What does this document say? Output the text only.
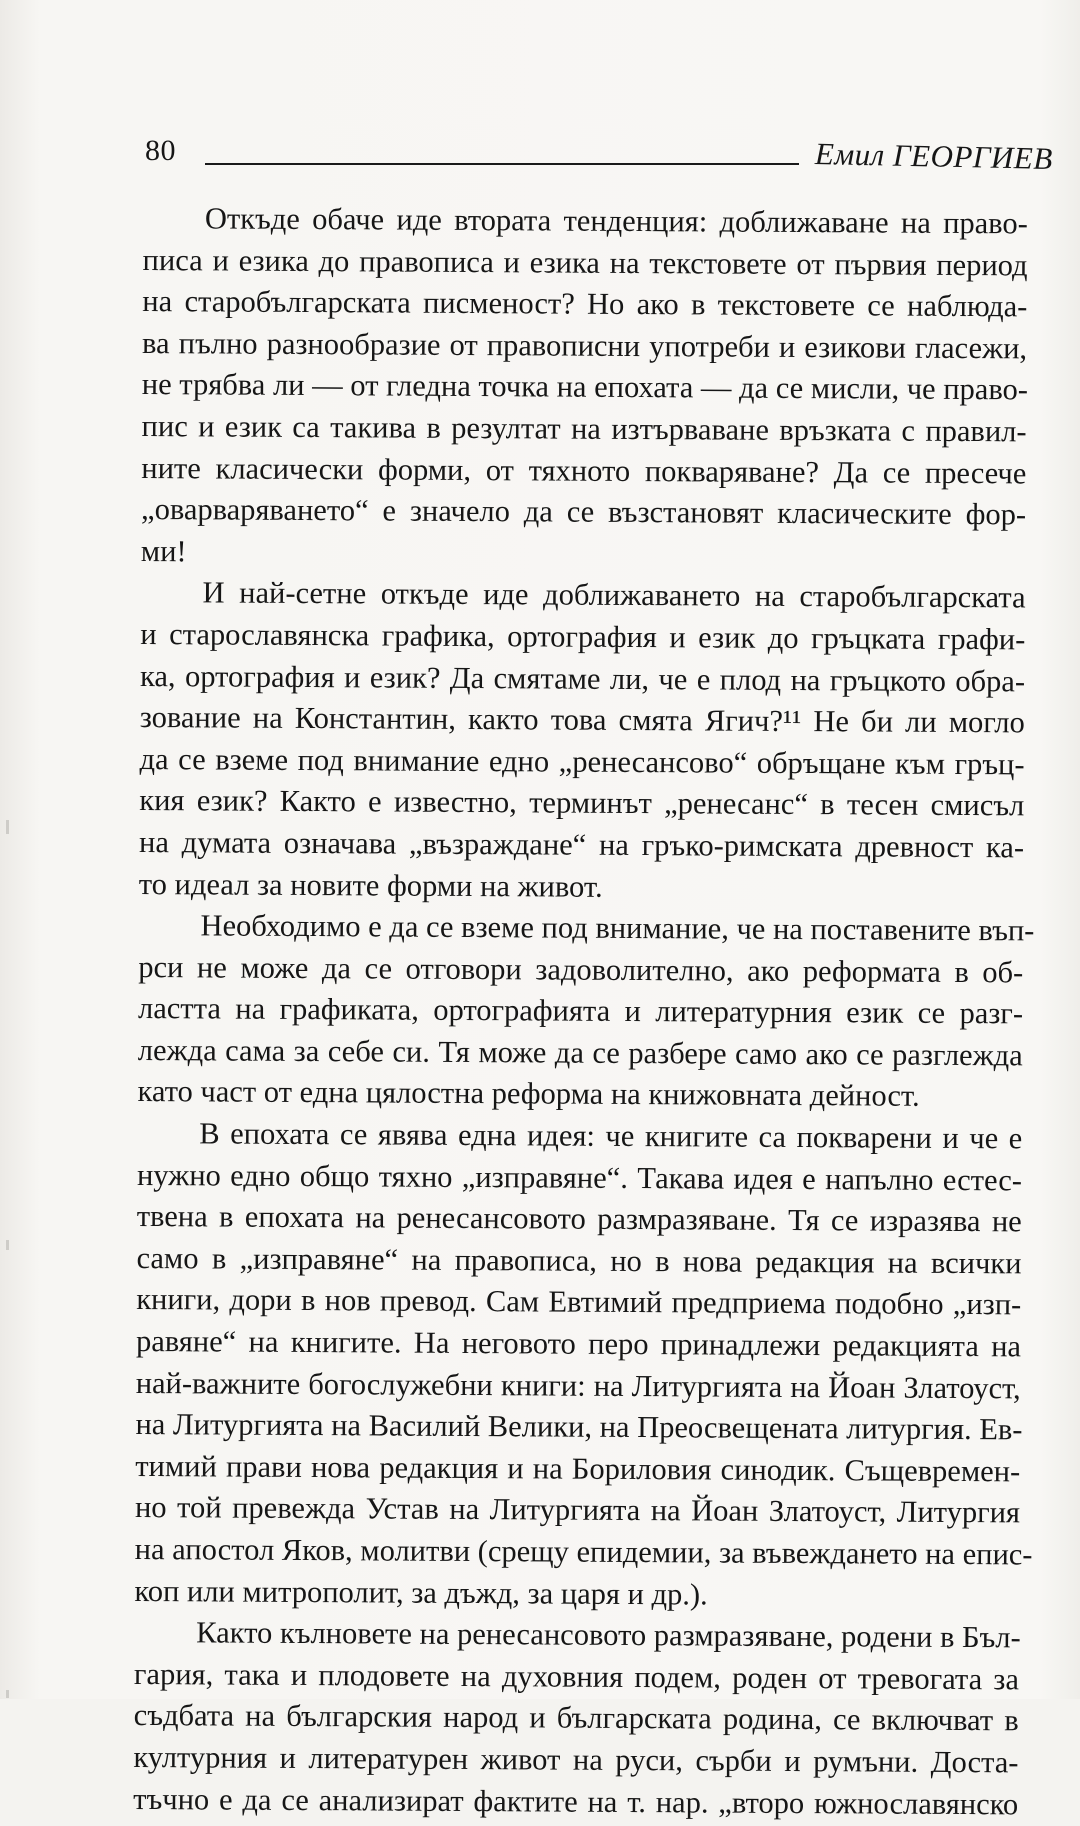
80	Емил ГЕОРГИЕВ
Откъде обаче иде втората тенденция: доближаване на право-
писа и езика до правописа и езика на текстовете от първия период
на старобългарската писменост? Но ако в текстовете се наблюда-
ва пълно разнообразие от правописни употреби и езикови гласежи,
не трябва ли — от гледна точка на епохата — да се мисли, че право-
пис и език са такива в резултат на изтърваване връзката с правил-
ните класически форми, от тяхното покваряване? Да се пресече
„оварваряването“ е значело да се възстановят класическите фор-
ми!
И най-сетне откъде иде доближаването на старобългарската
и старославянска графика, ортография и език до гръцката графи-
ка, ортография и език? Да смятаме ли, че е плод на гръцкото обра-
зование на Константин, както това смята Ягич?¹¹ Не би ли могло
да се вземе под внимание едно „ренесансово“ обръщане към гръц-
кия език? Както е известно, терминът „ренесанс“ в тесен смисъл
на думата означава „възраждане“ на гръко-римската древност ка-
то идеал за новите форми на живот.
Необходимо е да се вземе под внимание, че на поставените въп-
рси не може да се отговори задоволително, ако реформата в об-
ластта на графиката, ортографията и литературния език се разг-
лежда сама за себе си. Тя може да се разбере само ако се разглежда
като част от една цялостна реформа на книжовната дейност.
В епохата се явява една идея: че книгите са покварени и че е
нужно едно общо тяхно „изправяне“. Такава идея е напълно естес-
твена в епохата на ренесансовото размразяване. Тя се изразява не
само в „изправяне“ на правописа, но в нова редакция на всички
книги, дори в нов превод. Сам Евтимий предприема подобно „изп-
равяне“ на книгите. На неговото перо принадлежи редакцията на
най-важните богослужебни книги: на Литургията на Йоан Златоуст,
на Литургията на Василий Велики, на Преосвещената литургия. Ев-
тимий прави нова редакция и на Бориловия синодик. Същевремен-
но той превежда Устав на Литургията на Йоан Златоуст, Литургия
на апостол Яков, молитви (срещу епидемии, за въвеждането на епис-
коп или митрополит, за дъжд, за царя и др.).
Както кълновете на ренесансовото размразяване, родени в Бъл-
гария, така и плодовете на духовния подем, роден от тревогата за
съдбата на българския народ и българската родина, се включват в
културния и литературен живот на руси, сърби и румъни. Доста-
тъчно е да се анализират фактите на т. нар. „второ южнославянско
